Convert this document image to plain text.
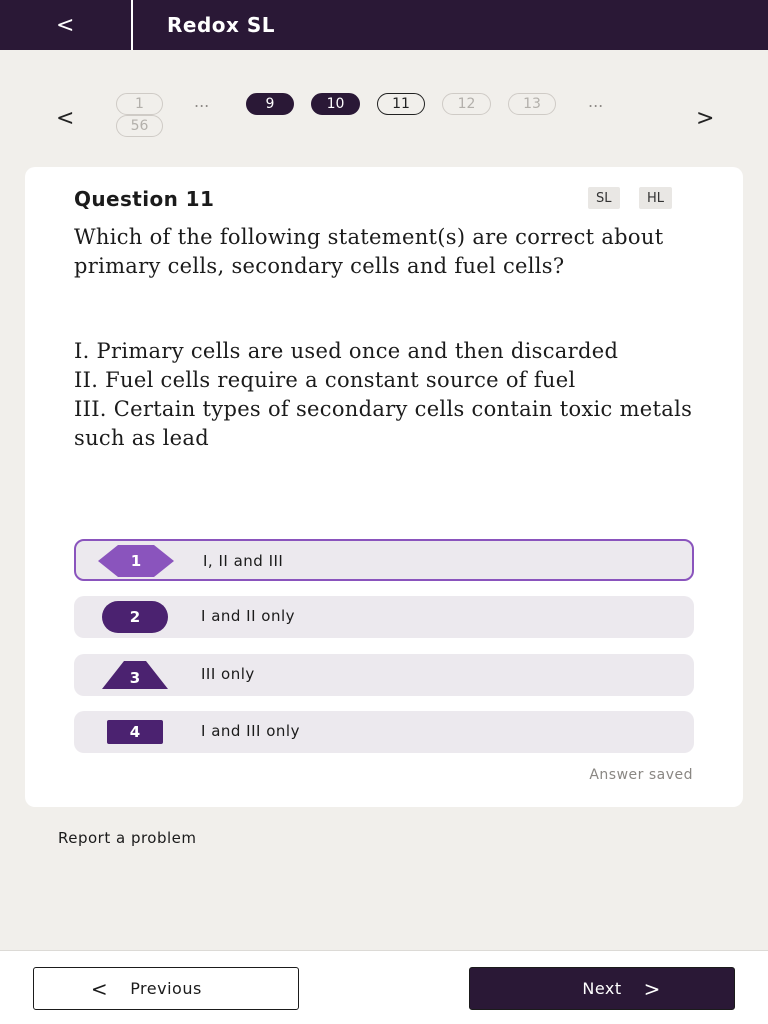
<	Redox SL
<
1	...	9	10	11	12	13	...
56	>
Question 11	SL	HL
Which of the following statement(s) are correct about primary cells, secondary cells and fuel cells?
I. Primary cells are used once and then discarded
II. Fuel cells require a constant source of fuel
III. Certain types of secondary cells contain toxic metals such as lead
1	I, II and III
2	I and II only
3	III only
4	I and III only
Answer saved
Report a problem
< Previous	Next >
